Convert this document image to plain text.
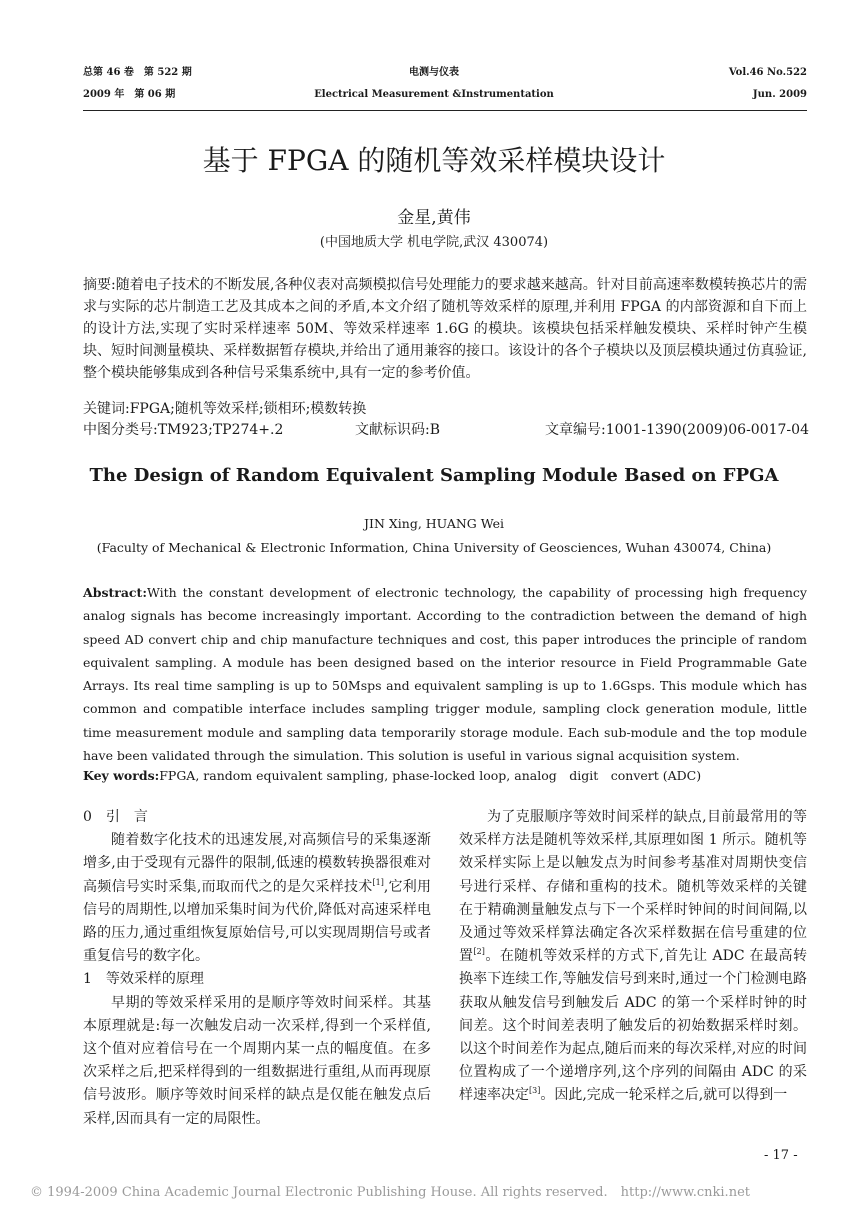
总第 46 卷　第 522 期
2009 年　第 06 期
电测与仪表
Electrical Measurement &Instrumentation
Vol.46 No.522
Jun. 2009
基于 FPGA 的随机等效采样模块设计
金星,黄伟
(中国地质大学 机电学院,武汉 430074)

摘要:随着电子技术的不断发展,各种仪表对高频模拟信号处理能力的要求越来越高。针对目前高速率数模转换芯片的需求与实际的芯片制造工艺及其成本之间的矛盾,本文介绍了随机等效采样的原理,并利用 FPGA 的内部资源和自下而上的设计方法,实现了实时采样速率 50M、等效采样速率 1.6G 的模块。该模块包括采样触发模块、采样时钟产生模块、短时间测量模块、采样数据暂存模块,并给出了通用兼容的接口。该设计的各个子模块以及顶层模块通过仿真验证,整个模块能够集成到各种信号采集系统中,具有一定的参考价值。

关键词:FPGA;随机等效采样;锁相环;模数转换
中图分类号:TM923;TP274+.2	文献标识码:B	文章编号:1001-1390(2009)06-0017-04
The Design of Random Equivalent Sampling Module Based on FPGA
JIN Xing, HUANG Wei
(Faculty of Mechanical & Electronic Information, China University of Geosciences, Wuhan 430074, China)

Abstract:With the constant development of electronic technology, the capability of processing high frequency analog signals has become increasingly important. According to the contradiction between the demand of high speed AD convert chip and chip manufacture techniques and cost, this paper introduces the principle of random equivalent sampling. A module has been designed based on the interior resource in Field Programmable Gate Arrays. Its real time sampling is up to 50Msps and equivalent sampling is up to 1.6Gsps. This module which has common and compatible interface includes sampling trigger module, sampling clock generation module, little time measurement module and sampling data temporarily storage module. Each sub-module and the top module have been validated through the simulation. This solution is useful in various signal acquisition system.

Key words:FPGA, random equivalent sampling, phase-locked loop, analog　digit　convert (ADC)

0　引　言

随着数字化技术的迅速发展,对高频信号的采集逐渐增多,由于受现有元器件的限制,低速的模数转换器很难对高频信号实时采集,而取而代之的是欠采样技术[1],它利用信号的周期性,以增加采集时间为代价,降低对高速采样电路的压力,通过重组恢复原始信号,可以实现周期信号或者重复信号的数字化。

1　等效采样的原理

早期的等效采样采用的是顺序等效时间采样。其基本原理就是:每一次触发启动一次采样,得到一个采样值,这个值对应着信号在一个周期内某一点的幅度值。在多次采样之后,把采样得到的一组数据进行重组,从而再现原信号波形。顺序等效时间采样的缺点是仅能在触发点后采样,因而具有一定的局限性。

为了克服顺序等效时间采样的缺点,目前最常用的等效采样方法是随机等效采样,其原理如图 1 所示。随机等效采样实际上是以触发点为时间参考基准对周期快变信号进行采样、存储和重构的技术。随机等效采样的关键在于精确测量触发点与下一个采样时钟间的时间间隔,以及通过等效采样算法确定各次采样数据在信号重建的位置[2]。在随机等效采样的方式下,首先让 ADC 在最高转换率下连续工作,等触发信号到来时,通过一个门检测电路获取从触发信号到触发后 ADC 的第一个采样时钟的时间差。这个时间差表明了触发后的初始数据采样时刻。以这个时间差作为起点,随后而来的每次采样,对应的时间位置构成了一个递增序列,这个序列的间隔由 ADC 的采样速率决定[3]。因此,完成一轮采样之后,就可以得到一

- 17 -
© 1994-2009 China Academic Journal Electronic Publishing House. All rights reserved.　http://www.cnki.net
